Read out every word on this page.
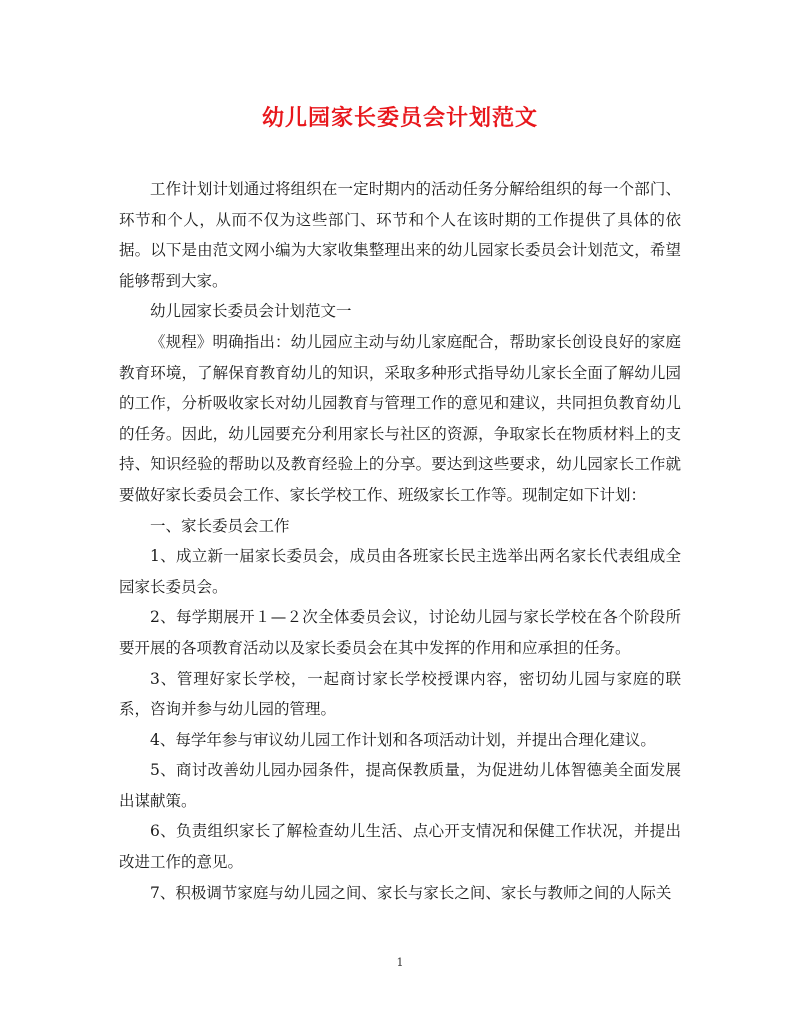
幼儿园家长委员会计划范文

工作计划计划通过将组织在一定时期内的活动任务分解给组织的每一个部门、环节和个人，从而不仅为这些部门、环节和个人在该时期的工作提供了具体的依据。以下是由范文网小编为大家收集整理出来的幼儿园家长委员会计划范文，希望能够帮到大家。

幼儿园家长委员会计划范文一

《规程》明确指出：幼儿园应主动与幼儿家庭配合，帮助家长创设良好的家庭教育环境，了解保育教育幼儿的知识，采取多种形式指导幼儿家长全面了解幼儿园的工作，分析吸收家长对幼儿园教育与管理工作的意见和建议，共同担负教育幼儿的任务。因此，幼儿园要充分利用家长与社区的资源，争取家长在物质材料上的支持、知识经验的帮助以及教育经验上的分享。要达到这些要求，幼儿园家长工作就要做好家长委员会工作、家长学校工作、班级家长工作等。现制定如下计划：

一、家长委员会工作

1、成立新一届家长委员会，成员由各班家长民主选举出两名家长代表组成全园家长委员会。

2、每学期展开１—２次全体委员会议，讨论幼儿园与家长学校在各个阶段所要开展的各项教育活动以及家长委员会在其中发挥的作用和应承担的任务。

3、管理好家长学校，一起商讨家长学校授课内容，密切幼儿园与家庭的联系，咨询并参与幼儿园的管理。

4、每学年参与审议幼儿园工作计划和各项活动计划，并提出合理化建议。

5、商讨改善幼儿园办园条件，提高保教质量，为促进幼儿体智德美全面发展出谋献策。

6、负责组织家长了解检查幼儿生活、点心开支情况和保健工作状况，并提出改进工作的意见。

7、积极调节家庭与幼儿园之间、家长与家长之间、家长与教师之间的人际关

1
